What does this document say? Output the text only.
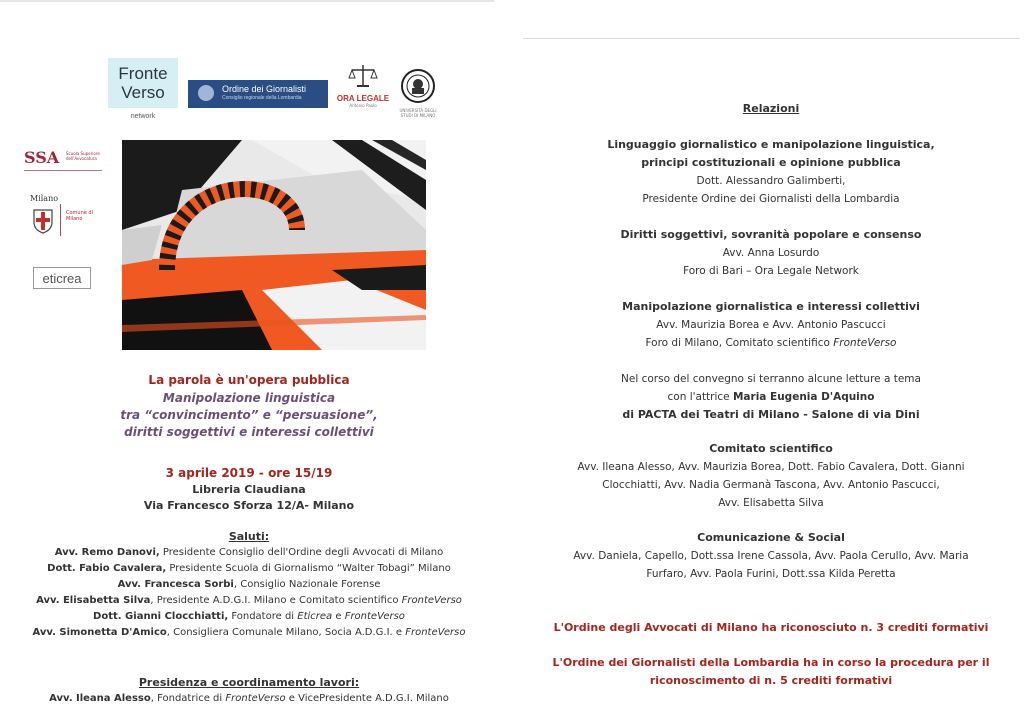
Fronte
Verso
network
Ordine dei Giornalisti
Consiglio regionale della Lombardia	ORA LEGALE
Antonio Paolo
UNIVERSITÀ DEGLI STUDI DI MILANO
SSA Scuola Superiore dell'Avvocatura
Milano
Comune di Milano
eticrea
La parola è un'opera pubblica
Manipolazione linguistica
tra “convincimento” e “persuasione”,
diritti soggettivi e interessi collettivi
3 aprile 2019 - ore 15/19
Libreria Claudiana
Via Francesco Sforza 12/A- Milano
Saluti:
Avv. Remo Danovi, Presidente Consiglio dell'Ordine degli Avvocati di Milano
Dott. Fabio Cavalera, Presidente Scuola di Giornalismo “Walter Tobagi” Milano
Avv. Francesca Sorbi, Consiglio Nazionale Forense
Avv. Elisabetta Silva, Presidente A.D.G.I. Milano e Comitato scientifico FronteVerso
Dott. Gianni Clocchiatti, Fondatore di Eticrea e FronteVerso
Avv. Simonetta D'Amico, Consigliera Comunale Milano, Socia A.D.G.I. e FronteVerso
Presidenza e coordinamento lavori:
Avv. Ileana Alesso, Fondatrice di FronteVerso e VicePresidente A.D.G.I. Milano
Relazioni
Linguaggio giornalistico e manipolazione linguistica,
principi costituzionali e opinione pubblica
Dott. Alessandro Galimberti,
Presidente Ordine dei Giornalisti della Lombardia
Diritti soggettivi, sovranità popolare e consenso
Avv. Anna Losurdo
Foro di Bari – Ora Legale Network
Manipolazione giornalistica e interessi collettivi
Avv. Maurizia Borea e Avv. Antonio Pascucci
Foro di Milano, Comitato scientifico FronteVerso
Nel corso del convegno si terranno alcune letture a tema
con l'attrice Maria Eugenia D'Aquino
di PACTA dei Teatri di Milano - Salone di via Dini
Comitato scientifico
Avv. Ileana Alesso, Avv. Maurizia Borea, Dott. Fabio Cavalera, Dott. Gianni
Clocchiatti, Avv. Nadia Germanà Tascona, Avv. Antonio Pascucci,
Avv. Elisabetta Silva
Comunicazione & Social
Avv. Daniela, Capello, Dott.ssa Irene Cassola, Avv. Paola Cerullo, Avv. Maria
Furfaro, Avv. Paola Furini, Dott.ssa Kilda Peretta
L'Ordine degli Avvocati di Milano ha riconosciuto n. 3 crediti formativi
L'Ordine dei Giornalisti della Lombardia ha in corso la procedura per il
riconoscimento di n. 5 crediti formativi
